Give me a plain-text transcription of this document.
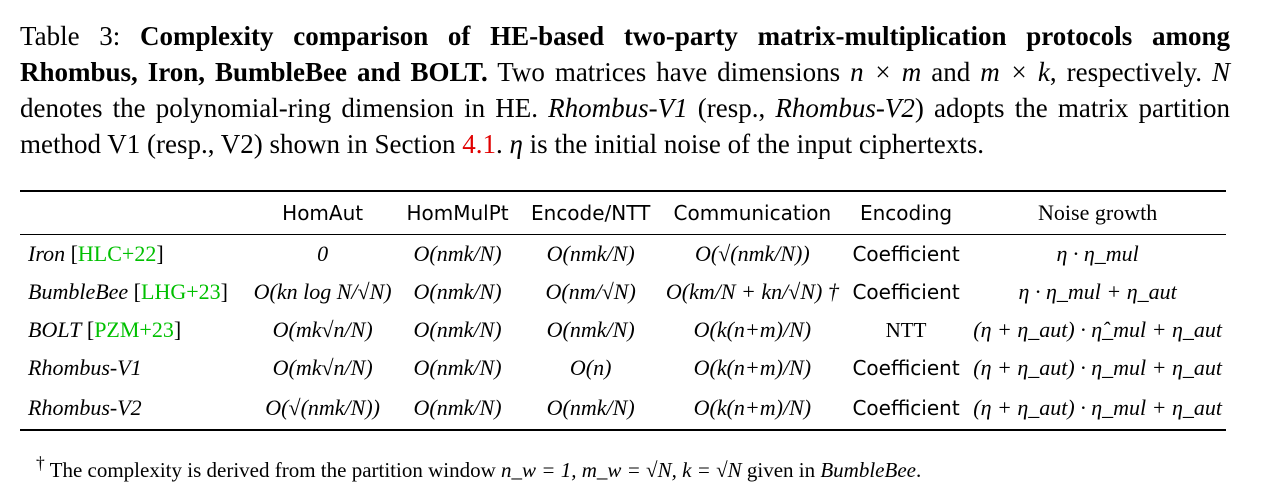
Table 3: Complexity comparison of HE-based two-party matrix-multiplication protocols among Rhombus, Iron, BumbleBee and BOLT. Two matrices have dimensions n × m and m × k, respectively. N denotes the polynomial-ring dimension in HE. Rhombus-V1 (resp., Rhombus-V2) adopts the matrix partition method V1 (resp., V2) shown in Section 4.1. η is the initial noise of the input ciphertexts.
	HomAut	HomMulPt	Encode/NTT	Communication	Encoding	Noise growth
Iron [HLC+22]	0	O(nmk/N)	O(nmk/N)	O(√(nmk/N))	Coefficient	η · η_mul
BumbleBee [LHG+23]	O(kn log N/√N)	O(nmk/N)	O(nm/√N)	O(km/N + kn/√N) †	Coefficient	η · η_mul + η_aut
BOLT [PZM+23]	O(mk√n/N)	O(nmk/N)	O(nmk/N)	O(k(n+m)/N)	NTT	(η + η_aut) · η̂_mul + η_aut
Rhombus-V1	O(mk√n/N)	O(nmk/N)	O(n)	O(k(n+m)/N)	Coefficient	(η + η_aut) · η_mul + η_aut
Rhombus-V2	O(√(nmk/N))	O(nmk/N)	O(nmk/N)	O(k(n+m)/N)	Coefficient	(η + η_aut) · η_mul + η_aut
† The complexity is derived from the partition window n_w = 1, m_w = √N, k = √N given in BumbleBee.
